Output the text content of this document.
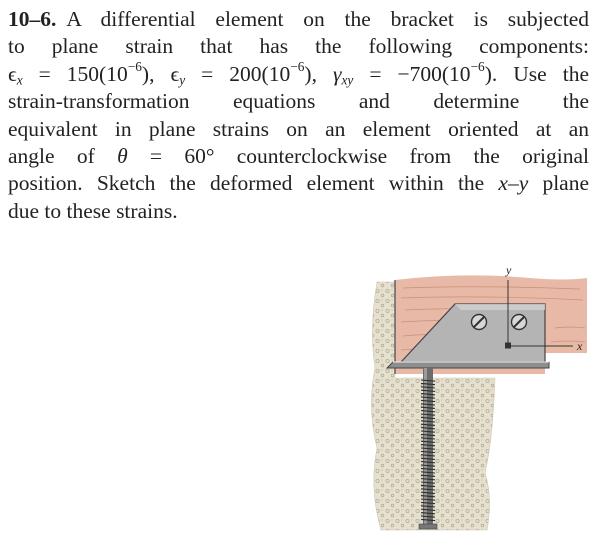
10–6. A differential element on the bracket is subjected
to plane strain that has the following components:
$\epsilon_x = 150(10^{-6})$, $\epsilon_y = 200(10^{-6})$, $\gamma_{xy} = -700(10^{-6})$. Use the
strain-transformation equations and determine the
equivalent in plane strains on an element oriented at an
angle of θ = 60° counterclockwise from the original
position. Sketch the deformed element within the x–y plane
due to these strains.
y
x
